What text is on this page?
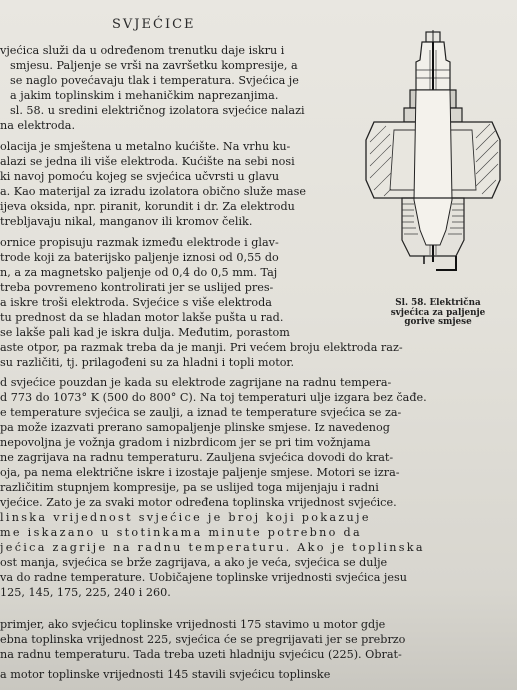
SVJEĆICE
vjećica služi da u određenom trenutku daje iskru i
smjesu. Paljenje se vrši na završetku kompresije, a
se naglo povećavaju tlak i temperatura. Svjećica je
a jakim toplinskim i mehaničkim naprezanjima.
sl. 58. u sredini električnog izolatora svjećice nalazi
na elektroda.
olacija je smještena u metalno kućište. Na vrhu ku-
alazi se jedna ili više elektroda. Kućište na sebi nosi
ki navoj pomoću kojeg se svjećica učvrsti u glavu
a. Kao materijal za izradu izolatora obično služe mase
ijeva oksida, npr. piranit, korundit i dr. Za elektrodu
trebljavaju nikal, manganov ili kromov čelik.
ornice propisuju razmak između elektrode i glav-
trode koji za baterijsko paljenje iznosi od 0,55 do
n, a za magnetsko paljenje od 0,4 do 0,5 mm. Taj
treba povremeno kontrolirati jer se uslijed pres-
a iskre troši elektroda. Svjećice s više elektroda
tu prednost da se hladan motor lakše pušta u rad.
se lakše pali kad je iskra dulja. Međutim, porastom
aste otpor, pa razmak treba da je manji. Pri većem broju elektroda raz-
su različiti, tj. prilagođeni su za hladni i topli motor.
d svjećice pouzdan je kada su elektrode zagrijane na radnu tempera-
d 773 do 1073° K (500 do 800° C). Na toj temperaturi ulje izgara bez čađe.
e temperature svjećica se zaulji, a iznad te temperature svjećica se za-
pa može izazvati prerano samopaljenje plinske smjese. Iz navedenog
nepovoljna je vožnja gradom i nizbrdicom jer se pri tim vožnjama
ne zagrijava na radnu temperaturu. Zauljena svjećica dovodi do krat-
oja, pa nema električne iskre i izostaje paljenje smjese. Motori se izra-
različitim stupnjem kompresije, pa se uslijed toga mijenjaju i radni
vjećice. Zato je za svaki motor određena toplinska vrijednost svjećice.
linska vrijednost svjećice je broj koji pokazuje
me iskazano u stotinkama minute potrebno da
jećica zagrije na radnu temperaturu. Ako je toplinska
ost manja, svjećica se brže zagrijava, a ako je veća, svjećica se dulje
va do radne temperature. Uobičajene toplinske vrijednosti svjećica jesu
125, 145, 175, 225, 240 i 260.
primjer, ako svjećicu toplinske vrijednosti 175 stavimo u motor gdje
ebna toplinska vrijednost 225, svjećica će se pregrijavati jer se prebrzo
na radnu temperaturu. Tada treba uzeti hladniju svjećicu (225). Obrat-
a motor toplinske vrijednosti 145 stavili svjećicu toplinske
Sl. 58. Električna
svjećica za paljenje
gorive smjese
